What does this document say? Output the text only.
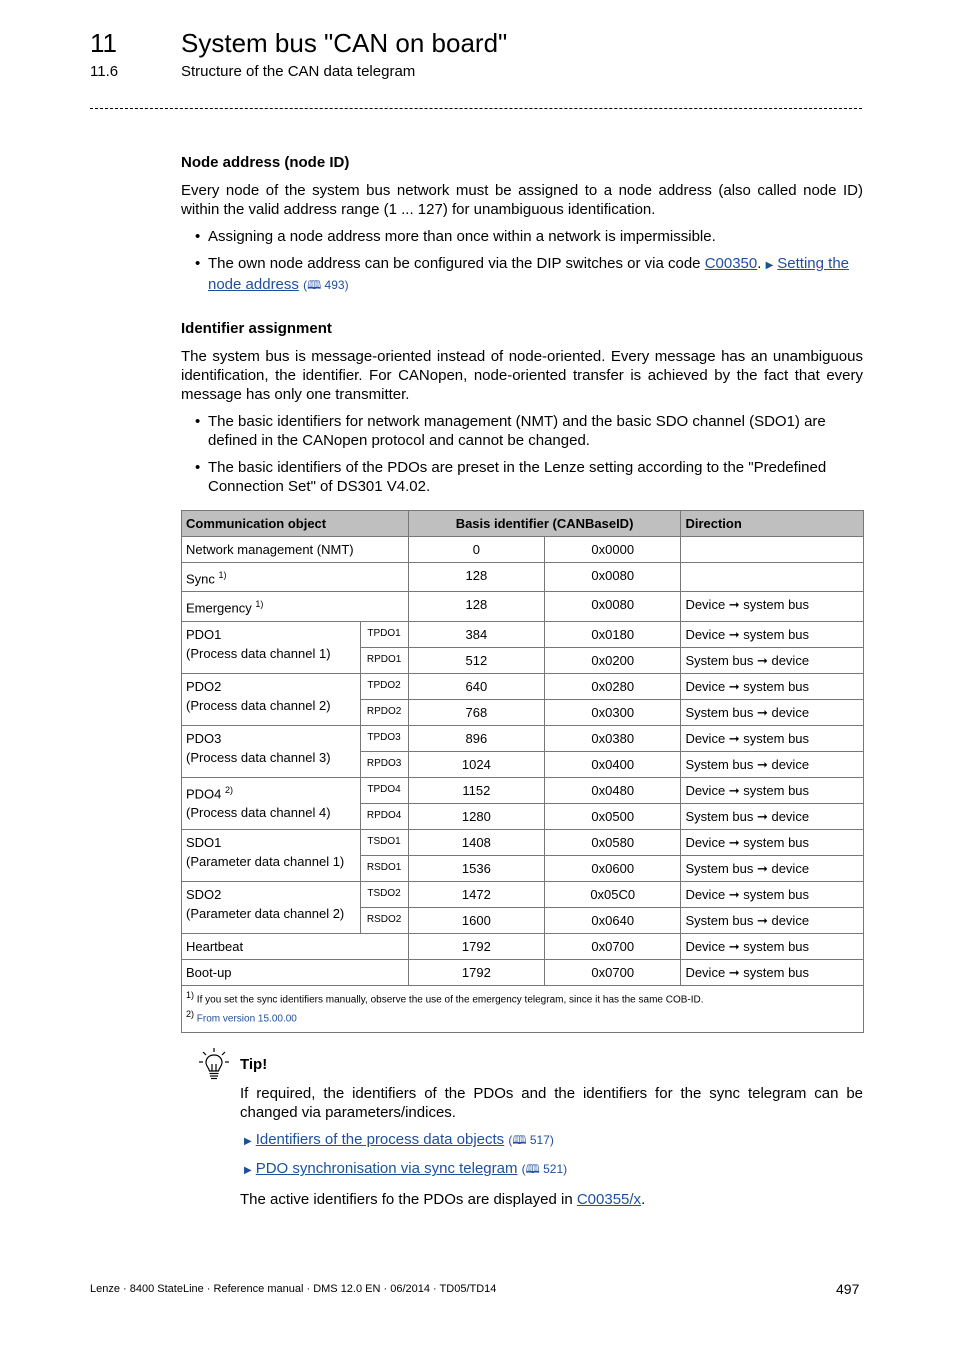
11 System bus "CAN on board"
11.6	Structure of the CAN data telegram
Node address (node ID)

Every node of the system bus network must be assigned to a node address (also called node ID) within the valid address range (1 ... 127) for unambiguous identification.

• Assigning a node address more than once within a network is impermissible.
• The own node address can be configured via the DIP switches or via code C00350. ▶ Setting the node address (🕮 493)
Identifier assignment

The system bus is message-oriented instead of node-oriented. Every message has an unambiguous identification, the identifier. For CANopen, node-oriented transfer is achieved by the fact that every message has only one transmitter.

• The basic identifiers for network management (NMT) and the basic SDO channel (SDO1) are defined in the CANopen protocol and cannot be changed.
• The basic identifiers of the PDOs are preset in the Lenze setting according to the "Predefined Connection Set" of DS301 V4.02.
Communication object		Basis identifier (CANBaseID)		Direction
Network management (NMT)		0	0x0000	
Sync $^{1)}$		128	0x0080	
Emergency $^{1)}$		128	0x0080	Device ➞ system bus
PDO1
(Process data channel 1)	TPDO1	384	0x0180	Device ➞ system bus
	RPDO1	512	0x0200	System bus ➞ device
PDO2
(Process data channel 2)	TPDO2	640	0x0280	Device ➞ system bus
	RPDO2	768	0x0300	System bus ➞ device
PDO3
(Process data channel 3)	TPDO3	896	0x0380	Device ➞ system bus
	RPDO3	1024	0x0400	System bus ➞ device
PDO4 $^{2)}$
(Process data channel 4)	TPDO4	1152	0x0480	Device ➞ system bus
	RPDO4	1280	0x0500	System bus ➞ device
SDO1
(Parameter data channel 1)	TSDO1	1408	0x0580	Device ➞ system bus
	RSDO1	1536	0x0600	System bus ➞ device
SDO2
(Parameter data channel 2)	TSDO2	1472	0x05C0	Device ➞ system bus
	RSDO2	1600	0x0640	System bus ➞ device
Heartbeat		1792	0x0700	Device ➞ system bus
Boot-up		1792	0x0700	Device ➞ system bus

$^{1)}$ If you set the sync identifiers manually, observe the use of the emergency telegram, since it has the same COB-ID.
$^{2)}$ From version 15.00.00				
Tip!

If required, the identifiers of the PDOs and the identifiers for the sync telegram can be changed via parameters/indices.

▶ Identifiers of the process data objects (🕮 517)
▶ PDO synchronisation via sync telegram (🕮 521)

The active identifiers fo the PDOs are displayed in C00355/x.

Lenze · 8400 StateLine · Reference manual · DMS 12.0 EN · 06/2014 · TD05/TD14	497
